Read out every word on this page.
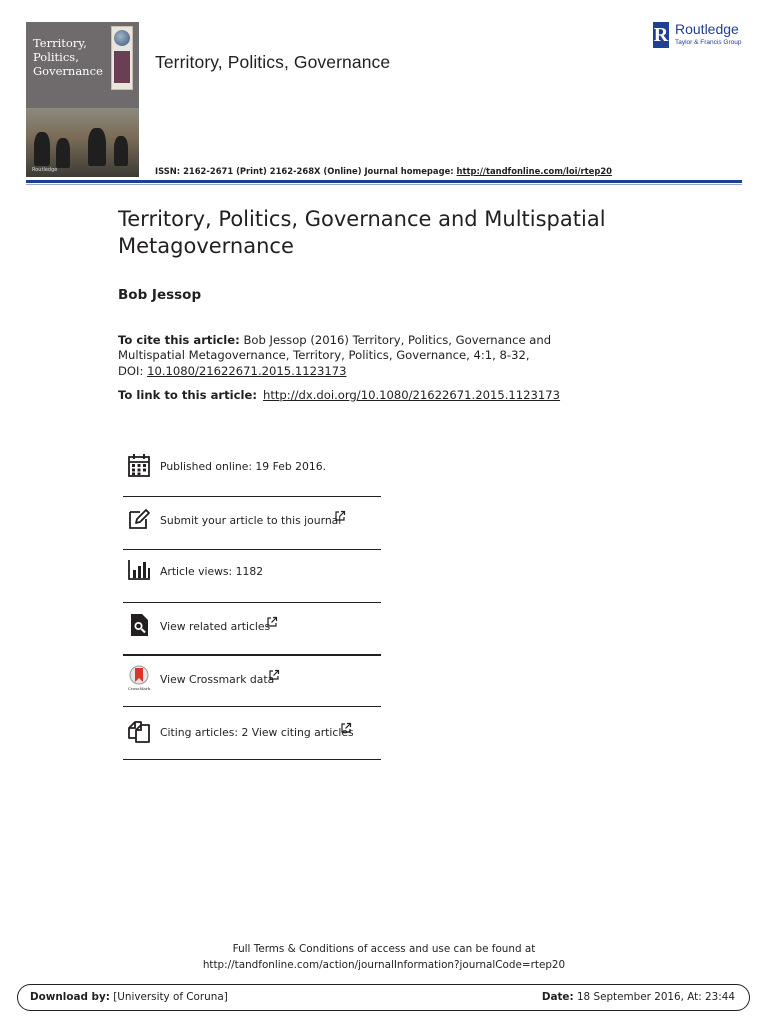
Territory,
Politics,
Governance
Routledge
Territory, Politics, Governance
R Routledge
Taylor & Francis Group
ISSN: 2162-2671 (Print) 2162-268X (Online) Journal homepage: http://tandfonline.com/loi/rtep20
Territory, Politics, Governance and Multispatial Metagovernance
Bob Jessop
To cite this article: Bob Jessop (2016) Territory, Politics, Governance and Multispatial Metagovernance, Territory, Politics, Governance, 4:1, 8-32, DOI: 10.1080/21622671.2015.1123173
To link to this article: http://dx.doi.org/10.1080/21622671.2015.1123173
Published online: 19 Feb 2016.
Submit your article to this journal
Article views: 1182
View related articles
CrossMark
View Crossmark data
Citing articles: 2 View citing articles
Full Terms & Conditions of access and use can be found at
http://tandfonline.com/action/journalInformation?journalCode=rtep20
Download by: [University of Coruna]	Date: 18 September 2016, At: 23:44
